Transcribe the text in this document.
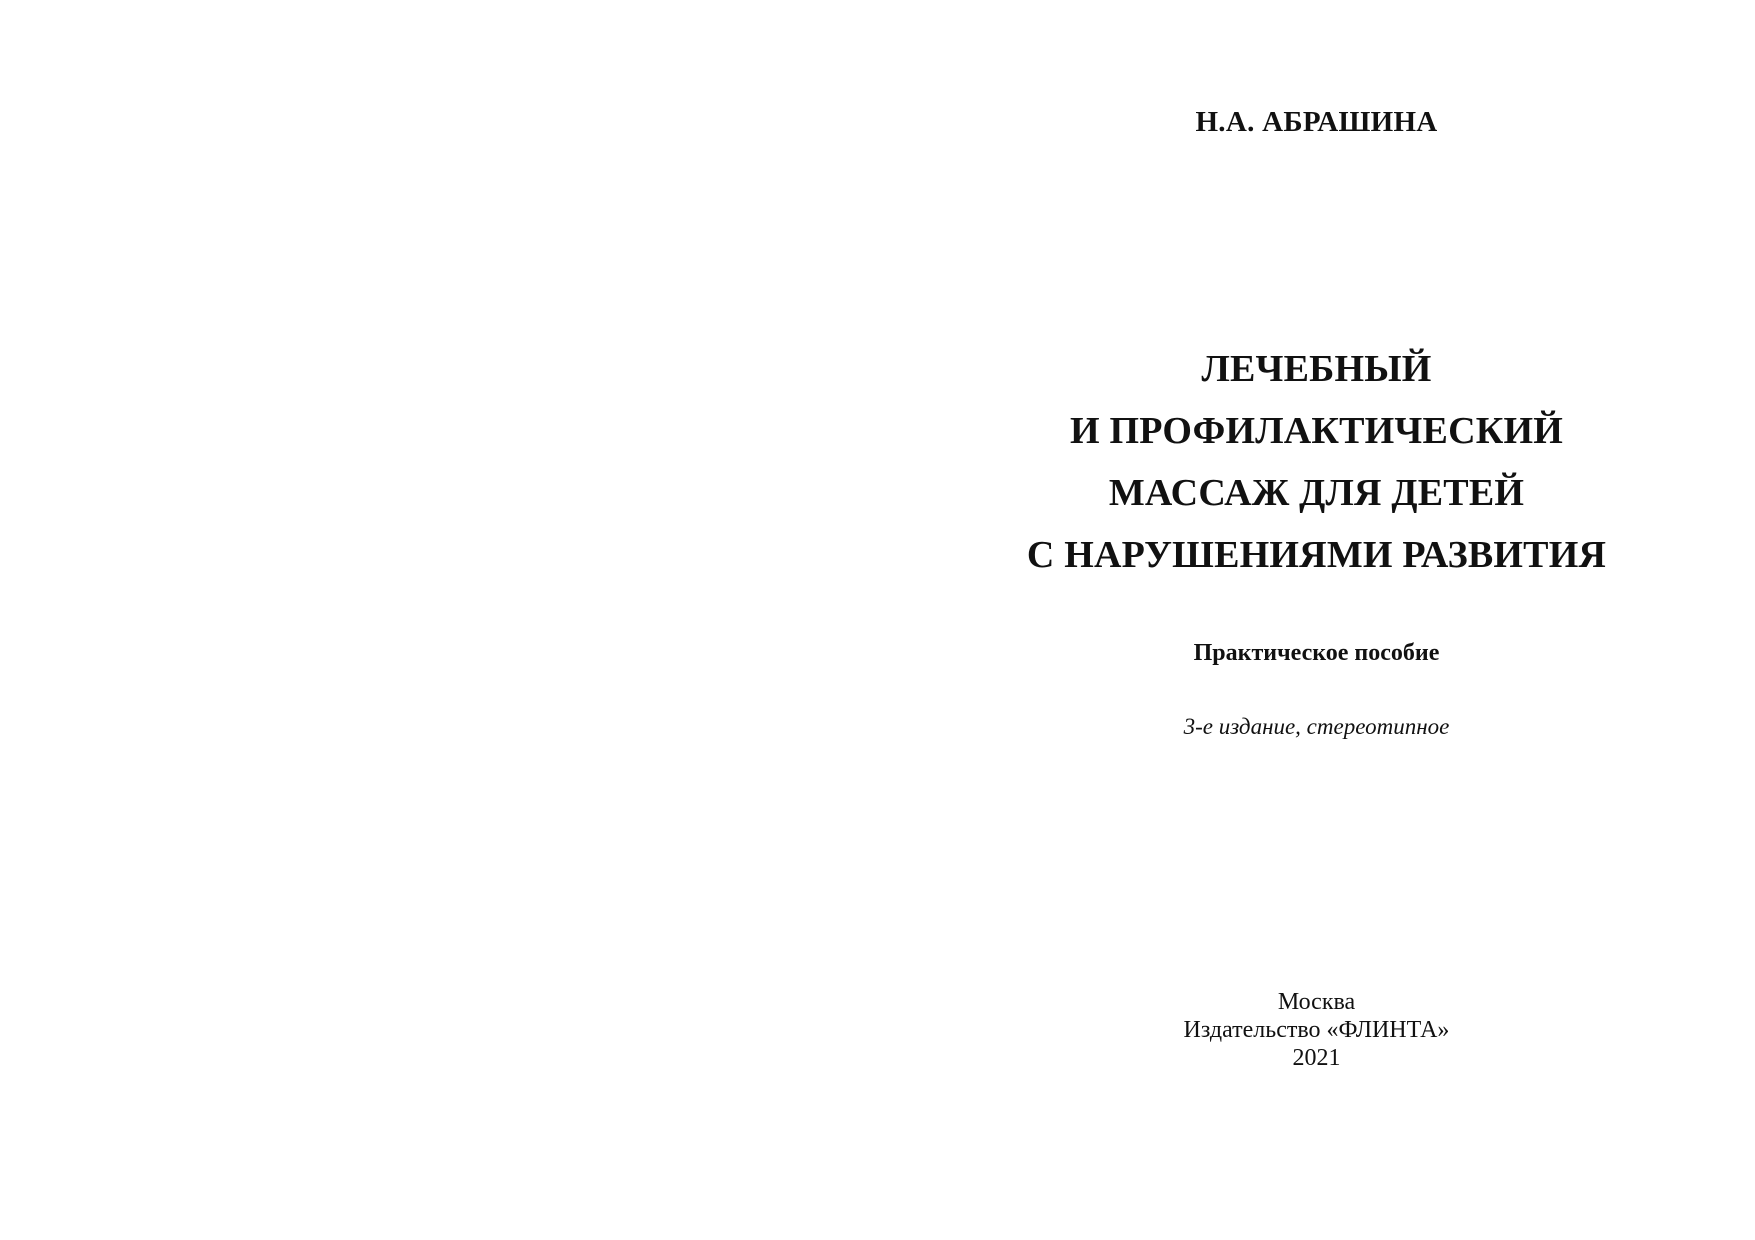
Н.А. АБРАШИНА
ЛЕЧЕБНЫЙ
И ПРОФИЛАКТИЧЕСКИЙ
МАССАЖ ДЛЯ ДЕТЕЙ
С НАРУШЕНИЯМИ РАЗВИТИЯ
Практическое пособие
3-е издание, стереотипное
Москва
Издательство «ФЛИНТА»
2021
